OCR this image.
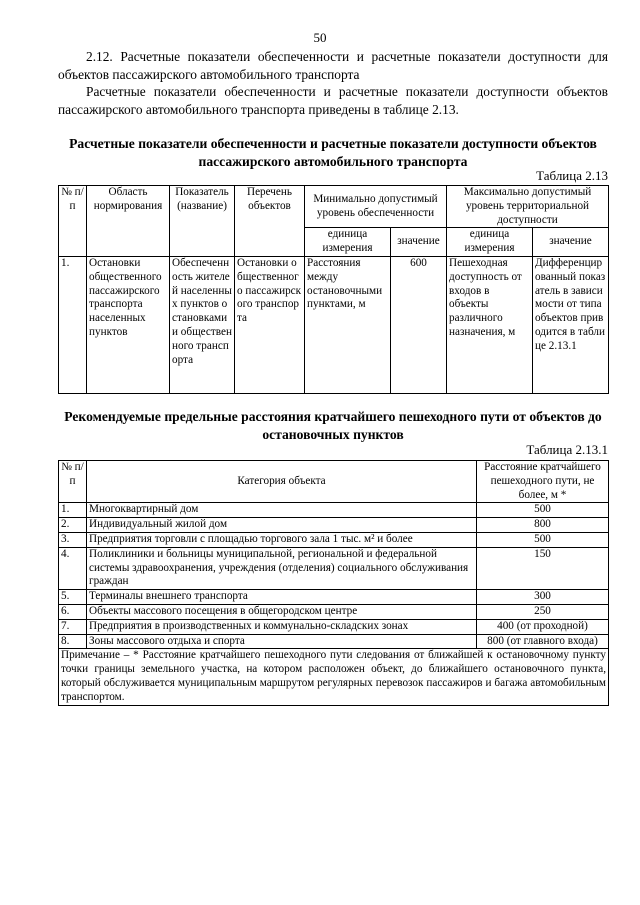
50

2.12. Расчетные показатели обеспеченности и расчетные показатели доступности для объектов пассажирского автомобильного транспорта

Расчетные показатели обеспеченности и расчетные показатели доступности объектов пассажирского автомобильного транспорта приведены в таблице 2.13.

Расчетные показатели обеспеченности и расчетные показатели доступности объектов пассажирского автомобильного транспорта
Таблица 2.13
№ п/п	Область нормирования	Показатель (название)	Перечень объектов	Минимально допустимый уровень обеспеченности		Максимально допустимый уровень территориальной доступности	
				единица измерения	значение	единица измерения	значение
1.	Остановки общественного пассажирского транспорта населенных пунктов	Обеспеченность жителей населенных пунктов остановками и общественного транспорта	Остановки общественного пассажирского транспорта	Расстояния между остановочными пунктами, м	600	Пешеходная доступность от входов в объекты различного назначения, м	Дифференцированный показатель в зависимости от типа объектов приводится в таблице 2.13.1
Рекомендуемые предельные расстояния кратчайшего пешеходного пути от объектов до остановочных пунктов
Таблица 2.13.1
№ п/п	Категория объекта	Расстояние кратчайшего пешеходного пути, не более, м *
1.	Многоквартирный дом	500
2.	Индивидуальный жилой дом	800
3.	Предприятия торговли с площадью торгового зала 1 тыс. м² и более	500
4.	Поликлиники и больницы муниципальной, региональной и федеральной системы здравоохранения, учреждения (отделения) социального обслуживания граждан	150
5.	Терминалы внешнего транспорта	300
6.	Объекты массового посещения в общегородском центре	250
7.	Предприятия в производственных и коммунально-складских зонах	400 (от проходной)
8.	Зоны массового отдыха и спорта	800 (от главного входа)
Примечание – * Расстояние кратчайшего пешеходного пути следования от ближайшей к остановочному пункту точки границы земельного участка, на котором расположен объект, до ближайшего остановочного пункта, который обслуживается муниципальным маршрутом регулярных перевозок пассажиров и багажа автомобильным транспортом.		
